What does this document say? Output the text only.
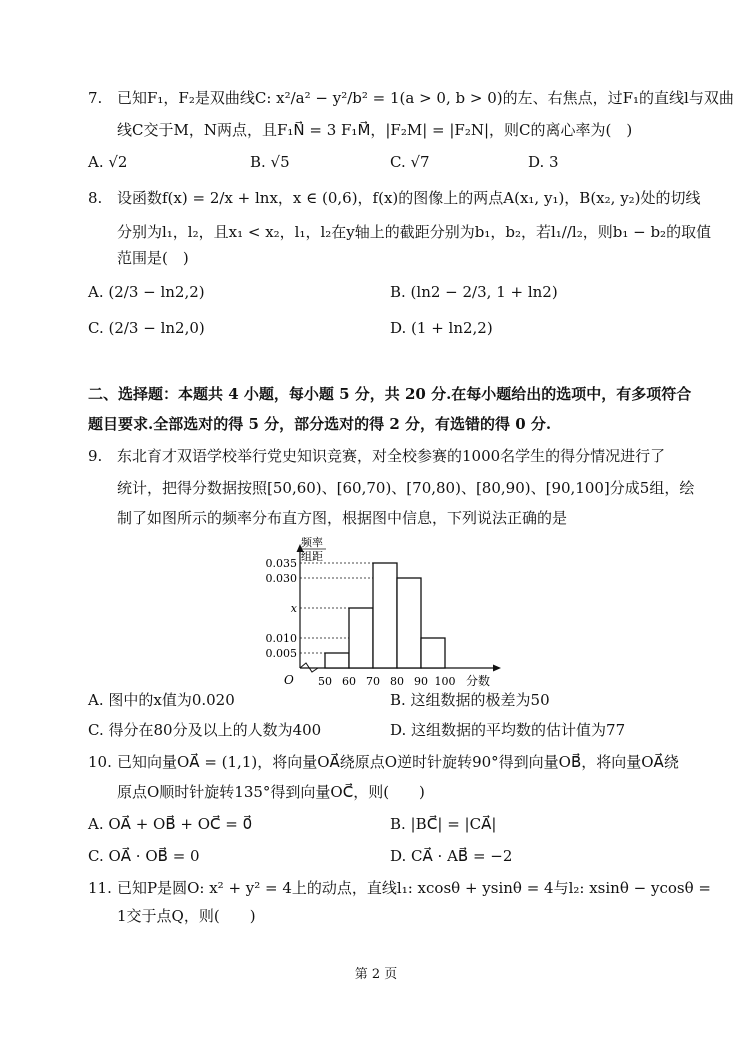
7. 已知F₁，F₂是双曲线C: x²/a² − y²/b² = 1(a > 0, b > 0)的左、右焦点，过F₁的直线l与双曲
线C交于M，N两点，且F₁N⃗ = 3 F₁M⃗，|F₂M| = |F₂N|，则C的离心率为(　)
A. √2	B. √5	C. √7	D. 3
8. 设函数f(x) = 2/x + lnx，x ∈ (0,6)，f(x)的图像上的两点A(x₁, y₁)，B(x₂, y₂)处的切线
分别为l₁，l₂，且x₁ < x₂，l₁，l₂在y轴上的截距分别为b₁，b₂，若l₁//l₂，则b₁ − b₂的取值
范围是(　)
A. (2/3 − ln2,2)	B. (ln2 − 2/3, 1 + ln2)
C. (2/3 − ln2,0)	D. (1 + ln2,2)
二、选择题：本题共 4 小题，每小题 5 分，共 20 分.在每小题给出的选项中，有多项符合
题目要求.全部选对的得 5 分，部分选对的得 2 分，有选错的得 0 分.
9. 东北育才双语学校举行党史知识竞赛，对全校参赛的1000名学生的得分情况进行了
统计，把得分数据按照[50,60)、[60,70)、[70,80)、[80,90)、[90,100]分成5组，绘
制了如图所示的频率分布直方图，根据图中信息，下列说法正确的是
0.035
0.030
x
0.010
0.005
50 60 70 80 90 100
O	分数
频率
组距
A. 图中的x值为0.020	B. 这组数据的极差为50
C. 得分在80分及以上的人数为400	D. 这组数据的平均数的估计值为77
10. 已知向量OA⃗ = (1,1)，将向量OA⃗绕原点O逆时针旋转90°得到向量OB⃗，将向量OA⃗绕
原点O顺时针旋转135°得到向量OC⃗，则(　　)
A. OA⃗ + OB⃗ + OC⃗ = 0⃗	B. |BC⃗| = |CA⃗|
C. OA⃗ · OB⃗ = 0	D. CA⃗ · AB⃗ = −2
11. 已知P是圆O: x² + y² = 4上的动点，直线l₁: xcosθ + ysinθ = 4与l₂: xsinθ − ycosθ =
1交于点Q，则(　　)
第 2 页
